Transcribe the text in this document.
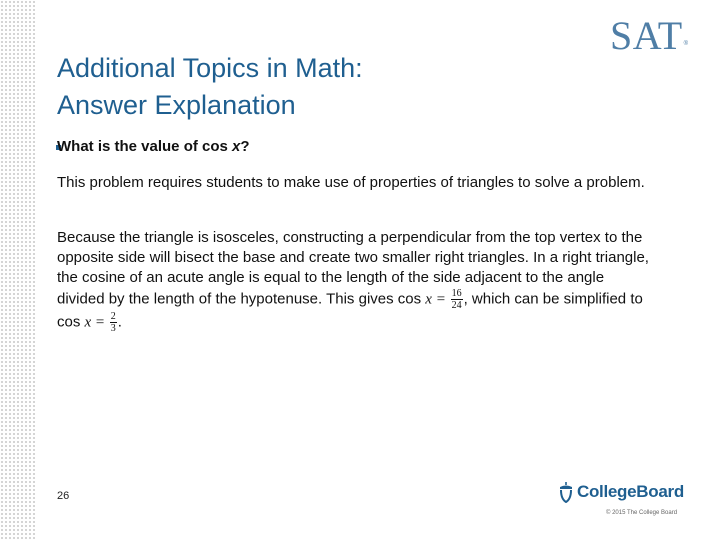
Additional Topics in Math:
Answer Explanation
SAT®

What is the value of cos x?

This problem requires students to make use of properties of triangles to solve a problem.

Because the triangle is isosceles, constructing a perpendicular from the top vertex to the opposite side will bisect the base and create two smaller right triangles. In a right triangle, the cosine of an acute angle is equal to the length of the side adjacent to the angle divided by the length of the hypotenuse. This gives $\cos x = \frac{16}{24}$ , which can be simplified to $\cos x = \frac{2}{3}$ .

26	CollegeBoard
© 2015 The College Board
